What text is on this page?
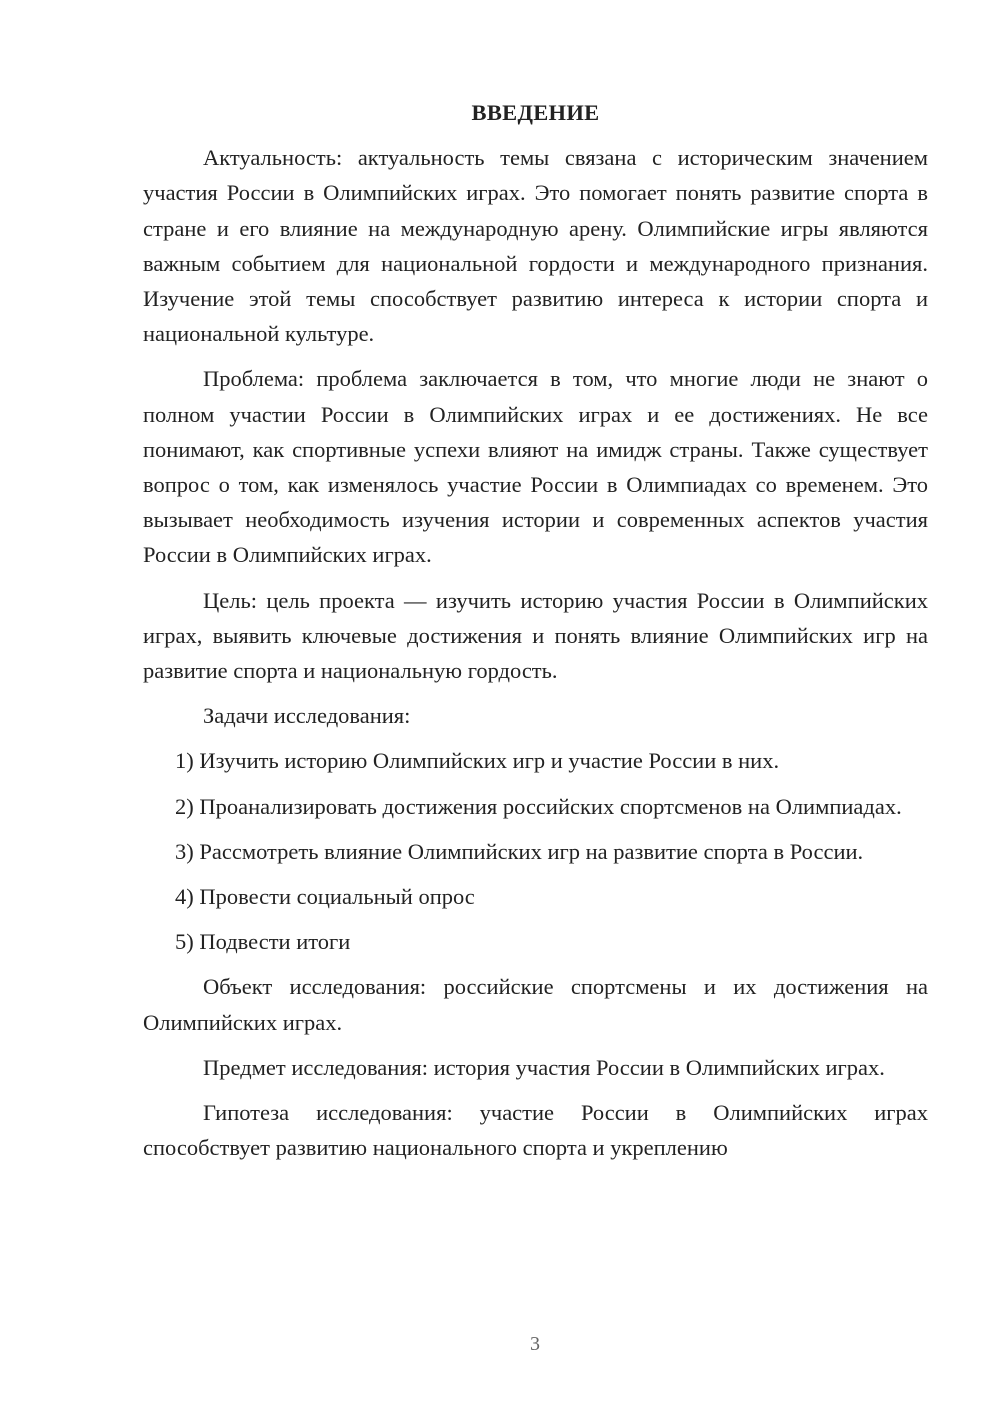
ВВЕДЕНИЕ

Актуальность: актуальность темы связана с историческим значением участия России в Олимпийских играх. Это помогает понять развитие спорта в стране и его влияние на международную арену. Олимпийские игры являются важным событием для национальной гордости и международного признания. Изучение этой темы способствует развитию интереса к истории спорта и национальной культуре.

Проблема: проблема заключается в том, что многие люди не знают о полном участии России в Олимпийских играх и ее достижениях. Не все понимают, как спортивные успехи влияют на имидж страны. Также существует вопрос о том, как изменялось участие России в Олимпиадах со временем. Это вызывает необходимость изучения истории и современных аспектов участия России в Олимпийских играх.

Цель: цель проекта — изучить историю участия России в Олимпийских играх, выявить ключевые достижения и понять влияние Олимпийских игр на развитие спорта и национальную гордость.

Задачи исследования:

1) Изучить историю Олимпийских игр и участие России в них.

2) Проанализировать достижения российских спортсменов на Олимпиадах.

3) Рассмотреть влияние Олимпийских игр на развитие спорта в России.

4) Провести социальный опрос

5) Подвести итоги

Объект исследования: российские спортсмены и их достижения на Олимпийских играх.

Предмет исследования: история участия России в Олимпийских играх.

Гипотеза исследования: участие России в Олимпийских играх способствует развитию национального спорта и укреплению

3
